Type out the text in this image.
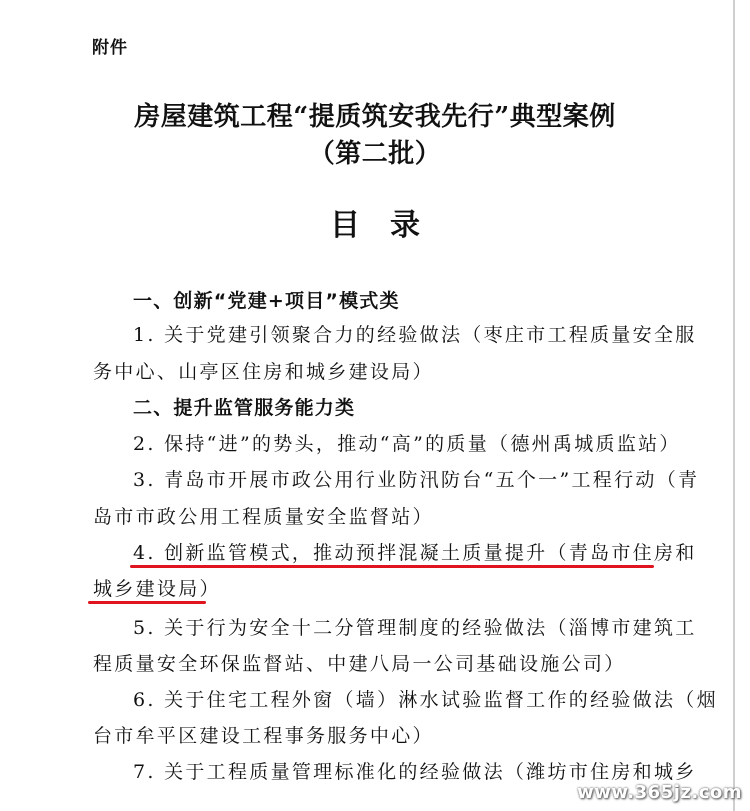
附件
房屋建筑工程“提质筑安我先行”典型案例
（第二批）
目　录
一、创新“党建+项目”模式类
1. 关于党建引领聚合力的经验做法（枣庄市工程质量安全服
务中心、山亭区住房和城乡建设局）
二、提升监管服务能力类
2. 保持“进”的势头，推动“高”的质量（德州禹城质监站）
3. 青岛市开展市政公用行业防汛防台“五个一”工程行动（青
岛市市政公用工程质量安全监督站）
4. 创新监管模式，推动预拌混凝土质量提升（青岛市住房和
城乡建设局）
5. 关于行为安全十二分管理制度的经验做法（淄博市建筑工
程质量安全环保监督站、中建八局一公司基础设施公司）
6. 关于住宅工程外窗（墙）淋水试验监督工作的经验做法（烟
台市牟平区建设工程事务服务中心）
7. 关于工程质量管理标准化的经验做法（潍坊市住房和城乡
www.365jz.com
